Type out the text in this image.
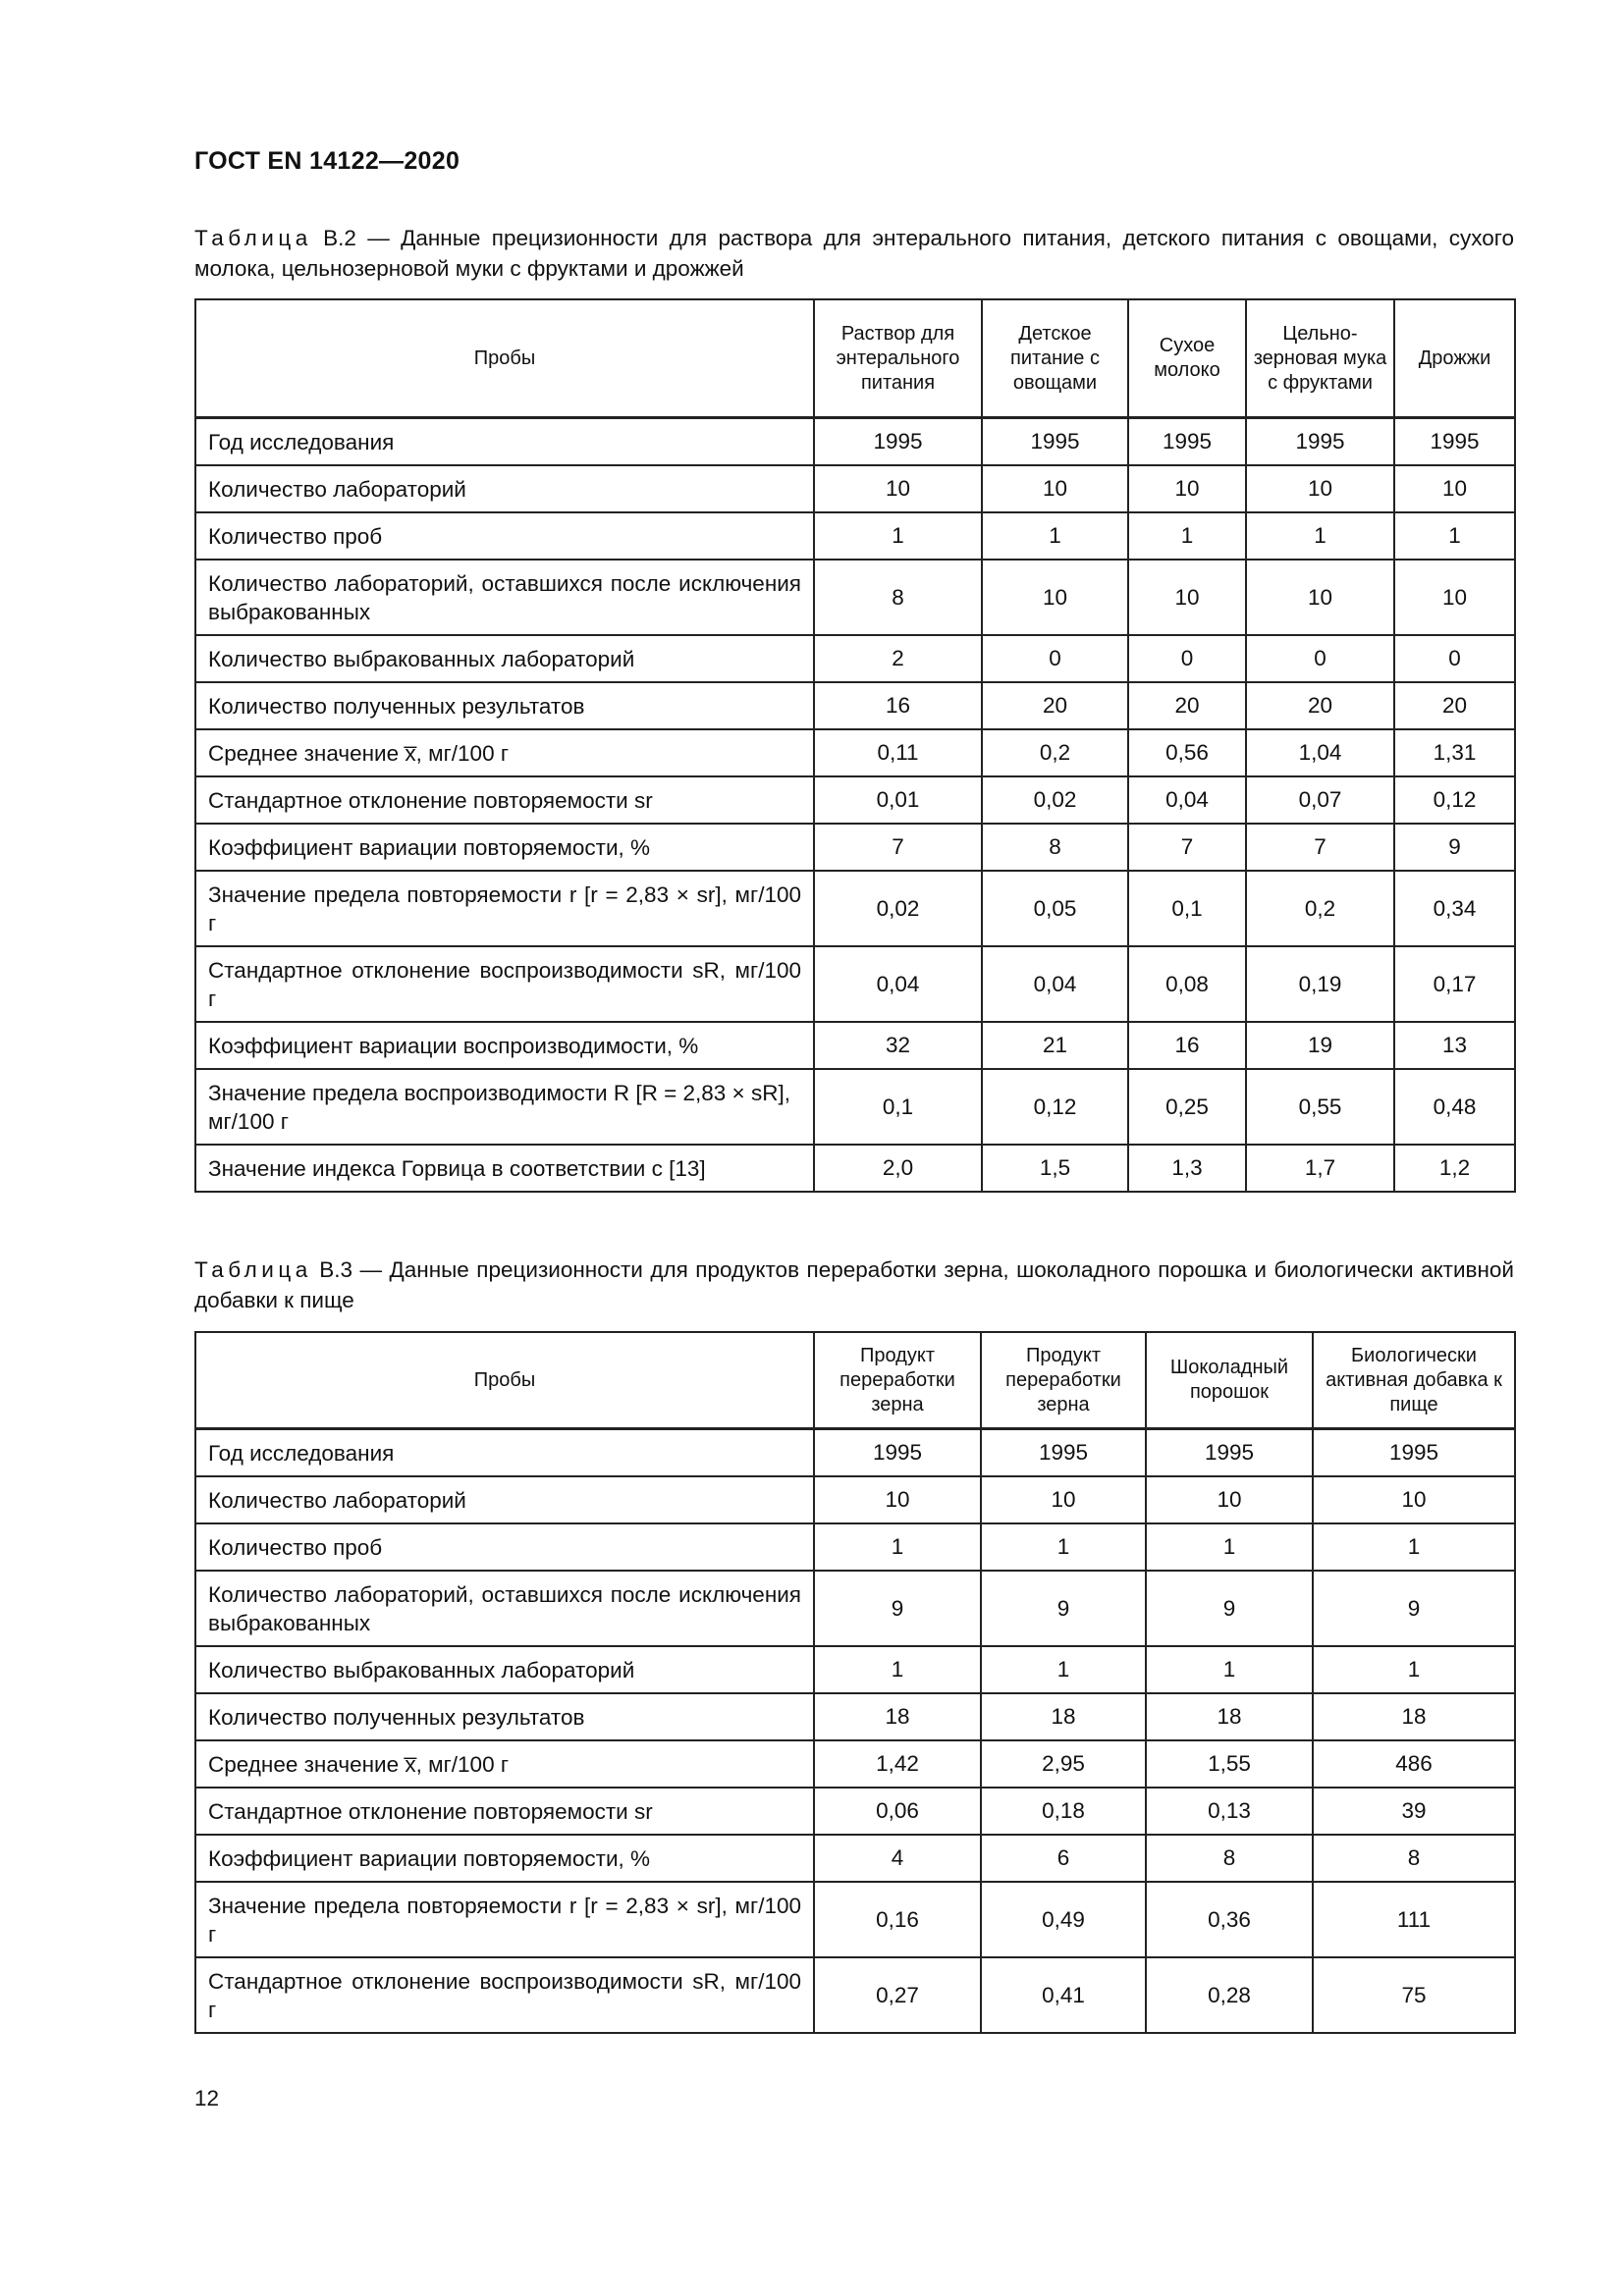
ГОСТ EN 14122—2020
Таблица В.2 — Данные прецизионности для раствора для энтерального питания, детского питания с овощами, сухого молока, цельнозерновой муки с фруктами и дрожжей
Пробы	Раствор для энтерального питания	Детское питание с овощами	Сухое молоко	Цельно-зерновая мука с фруктами	Дрожжи
Год исследования	1995	1995	1995	1995	1995
Количество лабораторий	10	10	10	10	10
Количество проб	1	1	1	1	1
Количество лабораторий, оставшихся после исключения выбракованных	8	10	10	10	10
Количество выбракованных лабораторий	2	0	0	0	0
Количество полученных результатов	16	20	20	20	20
Среднее значение x̅, мг/100 г	0,11	0,2	0,56	1,04	1,31
Стандартное отклонение повторяемости sr	0,01	0,02	0,04	0,07	0,12
Коэффициент вариации повторяемости, %	7	8	7	7	9
Значение предела повторяемости r [r = 2,83 × sr], мг/100 г	0,02	0,05	0,1	0,2	0,34
Стандартное отклонение воспроизводимости sR, мг/100 г	0,04	0,04	0,08	0,19	0,17
Коэффициент вариации воспроизводимости, %	32	21	16	19	13
Значение предела воспроизводимости R [R = 2,83 × sR], мг/100 г	0,1	0,12	0,25	0,55	0,48
Значение индекса Горвица в соответствии с [13]	2,0	1,5	1,3	1,7	1,2
Таблица В.3 — Данные прецизионности для продуктов переработки зерна, шоколадного порошка и биологически активной добавки к пище
Пробы	Продукт переработки зерна	Продукт переработки зерна	Шоколадный порошок	Биологически активная добавка к пище
Год исследования	1995	1995	1995	1995
Количество лабораторий	10	10	10	10
Количество проб	1	1	1	1
Количество лабораторий, оставшихся после исключения выбракованных	9	9	9	9
Количество выбракованных лабораторий	1	1	1	1
Количество полученных результатов	18	18	18	18
Среднее значение x̅, мг/100 г	1,42	2,95	1,55	486
Стандартное отклонение повторяемости sr	0,06	0,18	0,13	39
Коэффициент вариации повторяемости, %	4	6	8	8
Значение предела повторяемости r [r = 2,83 × sr], мг/100 г	0,16	0,49	0,36	111
Стандартное отклонение воспроизводимости sR, мг/100 г	0,27	0,41	0,28	75
12
